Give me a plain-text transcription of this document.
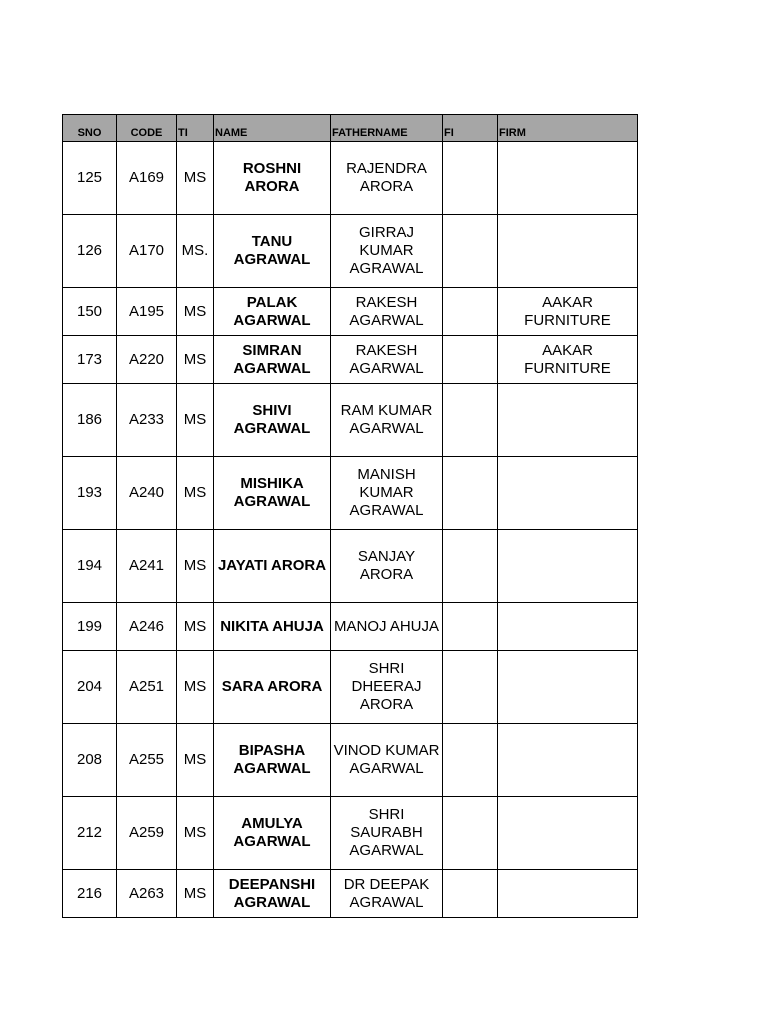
SNO	CODE	TI	NAME	FATHERNAME	FI	FIRM
125	A169	MS	ROSHNI ARORA	RAJENDRA ARORA		
126	A170	MS.	TANU AGRAWAL	GIRRAJ KUMAR AGRAWAL		
150	A195	MS	PALAK AGARWAL	RAKESH AGARWAL		AAKAR FURNITURE
173	A220	MS	SIMRAN AGARWAL	RAKESH AGARWAL		AAKAR FURNITURE
186	A233	MS	SHIVI AGRAWAL	RAM KUMAR AGARWAL		
193	A240	MS	MISHIKA AGRAWAL	MANISH KUMAR AGRAWAL		
194	A241	MS	JAYATI ARORA	SANJAY ARORA		
199	A246	MS	NIKITA AHUJA	MANOJ AHUJA		
204	A251	MS	SARA ARORA	SHRI DHEERAJ ARORA		
208	A255	MS	BIPASHA AGARWAL	VINOD KUMAR AGARWAL		
212	A259	MS	AMULYA AGARWAL	SHRI SAURABH AGARWAL		
216	A263	MS	DEEPANSHI AGRAWAL	DR DEEPAK AGRAWAL		
